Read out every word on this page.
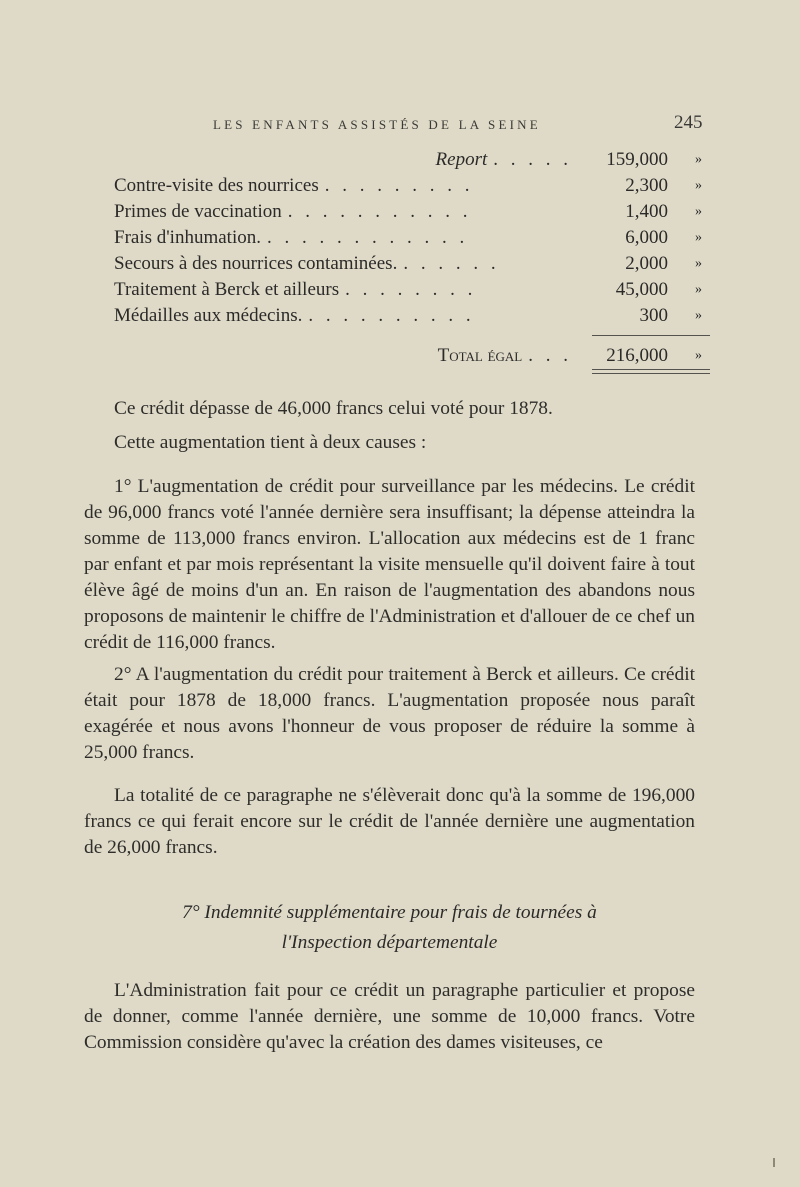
LES ENFANTS ASSISTÉS DE LA SEINE	245
Report . . . . .	159,000 »
Contre-visite des nourrices . . . . . . . . .	2,300 »
Primes de vaccination . . . . . . . . . . .	1,400 »
Frais d'inhumation. . . . . . . . . . . . .	6,000 »
Secours à des nourrices contaminées. . . . . . .	2,000 »
Traitement à Berck et ailleurs . . . . . . . .	45,000 »
Médailles aux médecins. . . . . . . . . . .	300 »
Total égal . . .	216,000 »

Ce crédit dépasse de 46,000 francs celui voté pour 1878.

Cette augmentation tient à deux causes :

1° L'augmentation de crédit pour surveillance par les médecins. Le crédit de 96,000 francs voté l'année dernière sera insuffisant; la dépense atteindra la somme de 113,000 francs environ. L'allocation aux médecins est de 1 franc par enfant et par mois représentant la visite mensuelle qu'il doivent faire à tout élève âgé de moins d'un an. En raison de l'augmentation des abandons nous proposons de maintenir le chiffre de l'Administration et d'allouer de ce chef un crédit de 116,000 francs.

2° A l'augmentation du crédit pour traitement à Berck et ailleurs. Ce crédit était pour 1878 de 18,000 francs. L'augmentation proposée nous paraît exagérée et nous avons l'honneur de vous proposer de réduire la somme à 25,000 francs.

La totalité de ce paragraphe ne s'élèverait donc qu'à la somme de 196,000 francs ce qui ferait encore sur le crédit de l'année dernière une augmentation de 26,000 francs.

7° Indemnité supplémentaire pour frais de tournées à
l'Inspection départementale

L'Administration fait pour ce crédit un paragraphe particulier et propose de donner, comme l'année dernière, une somme de 10,000 francs. Votre Commission considère qu'avec la création des dames visiteuses, ce
